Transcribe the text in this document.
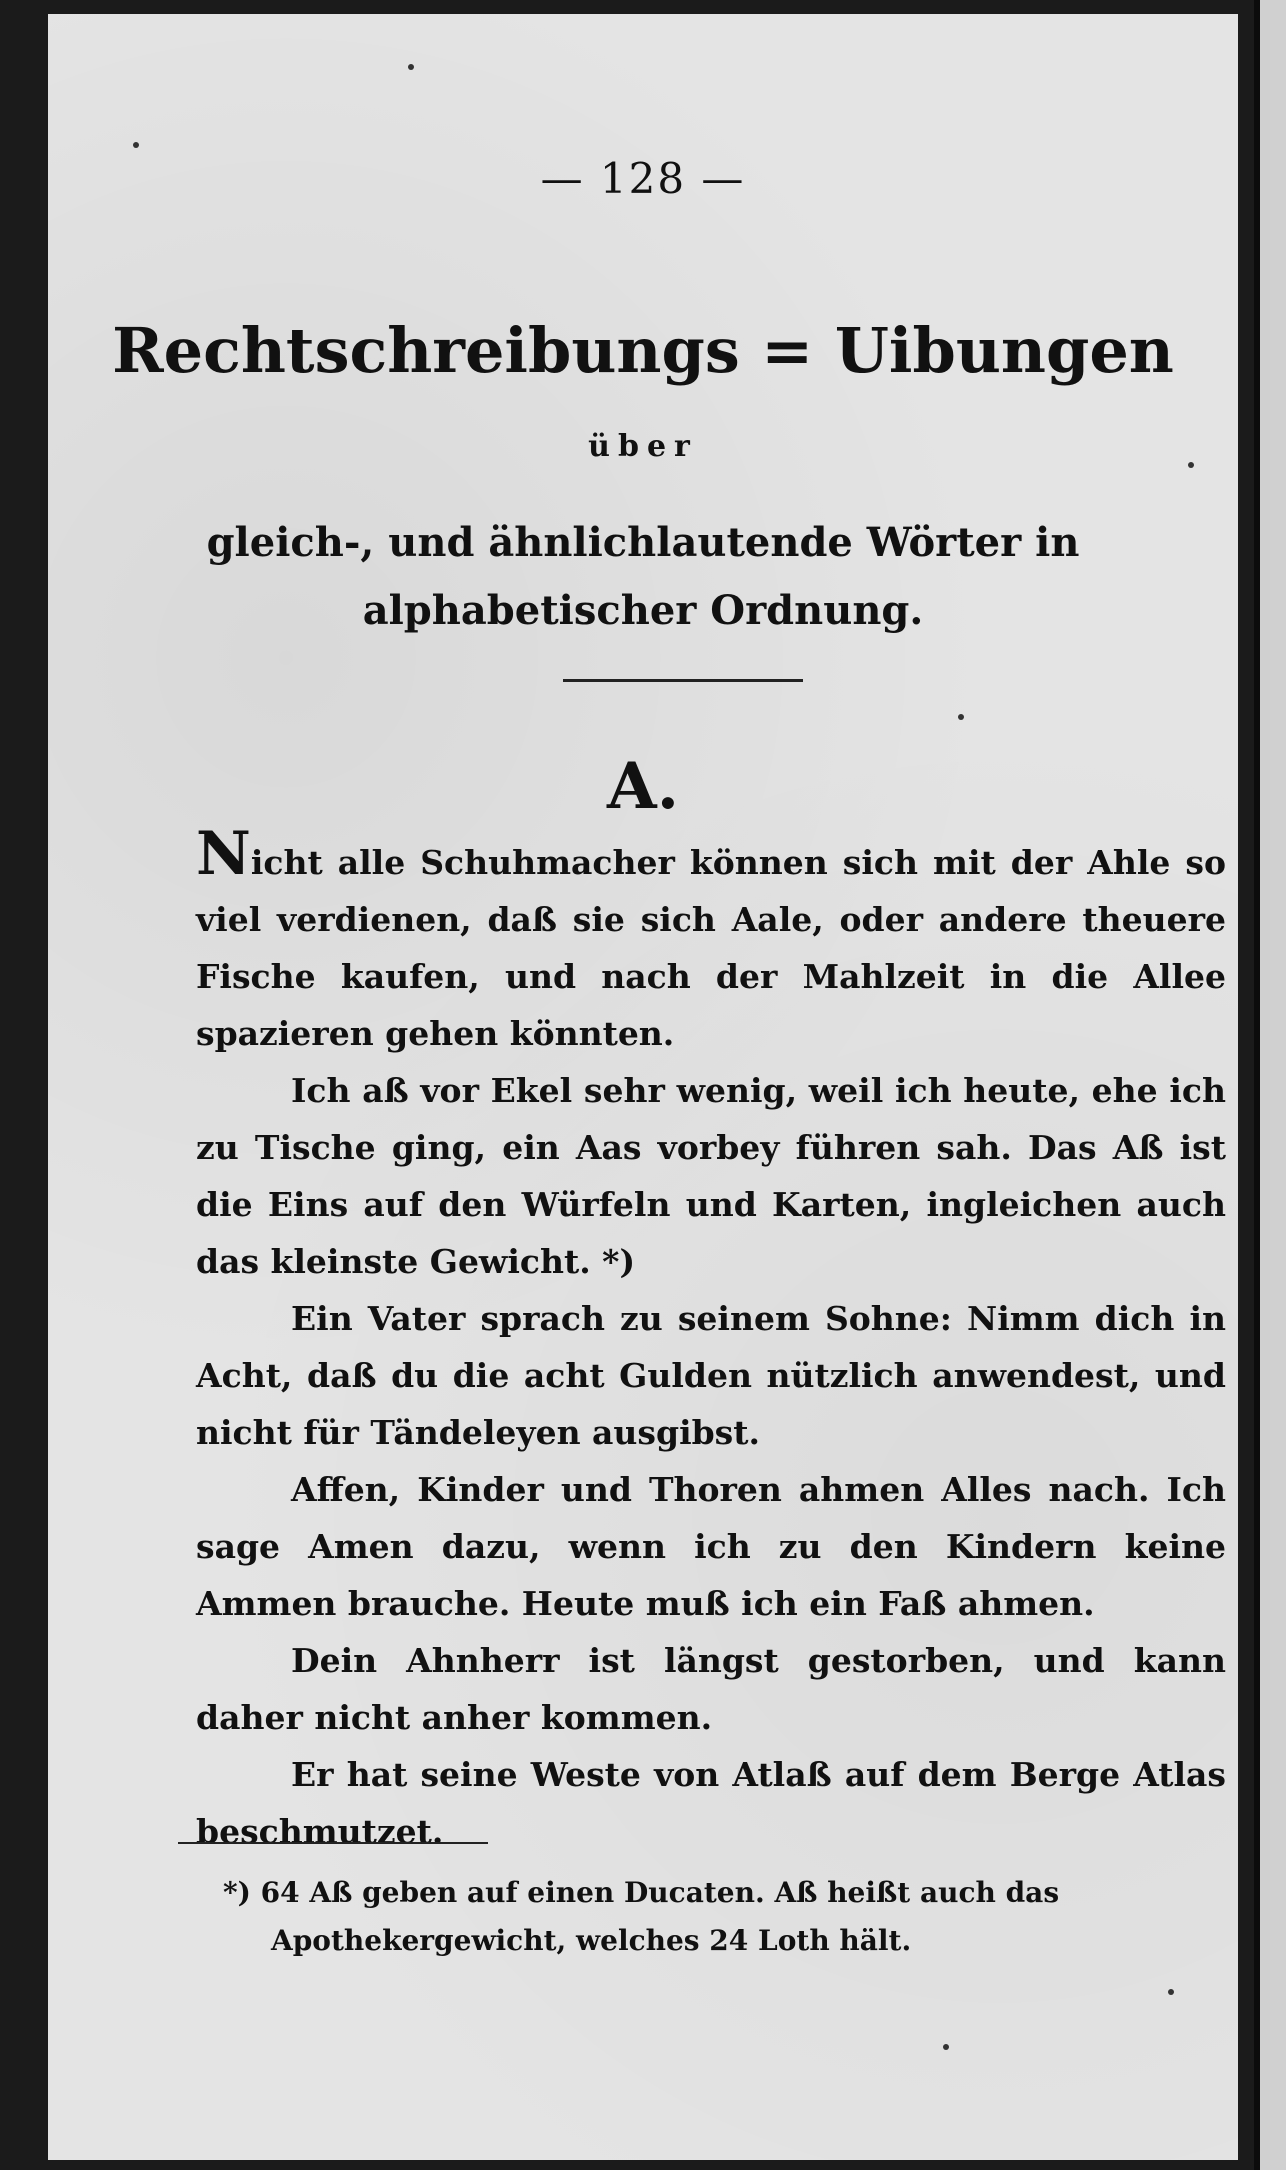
— 128 —
Rechtschreibungs = Uibungen
über
gleich-, und ähnlichlautende Wörter in alphabetischer Ordnung.
A.

Nicht alle Schuhmacher können sich mit der Ahle so viel verdienen, daß sie sich Aale, oder andere theuere Fische kaufen, und nach der Mahlzeit in die Allee spazieren gehen könnten.

Ich aß vor Ekel sehr wenig, weil ich heute, ehe ich zu Tische ging, ein Aas vorbey führen sah. Das Aß ist die Eins auf den Würfeln und Karten, ingleichen auch das kleinste Gewicht. *)

Ein Vater sprach zu seinem Sohne: Nimm dich in Acht, daß du die acht Gulden nützlich anwendest, und nicht für Tändeleyen ausgibst.

Affen, Kinder und Thoren ahmen Alles nach. Ich sage Amen dazu, wenn ich zu den Kindern keine Ammen brauche. Heute muß ich ein Faß ahmen.

Dein Ahnherr ist längst gestorben, und kann daher nicht anher kommen.

Er hat seine Weste von Atlaß auf dem Berge Atlas beschmutzet.

*) 64 Aß geben auf einen Ducaten. Aß heißt auch das
Apothekergewicht, welches 24 Loth hält.
